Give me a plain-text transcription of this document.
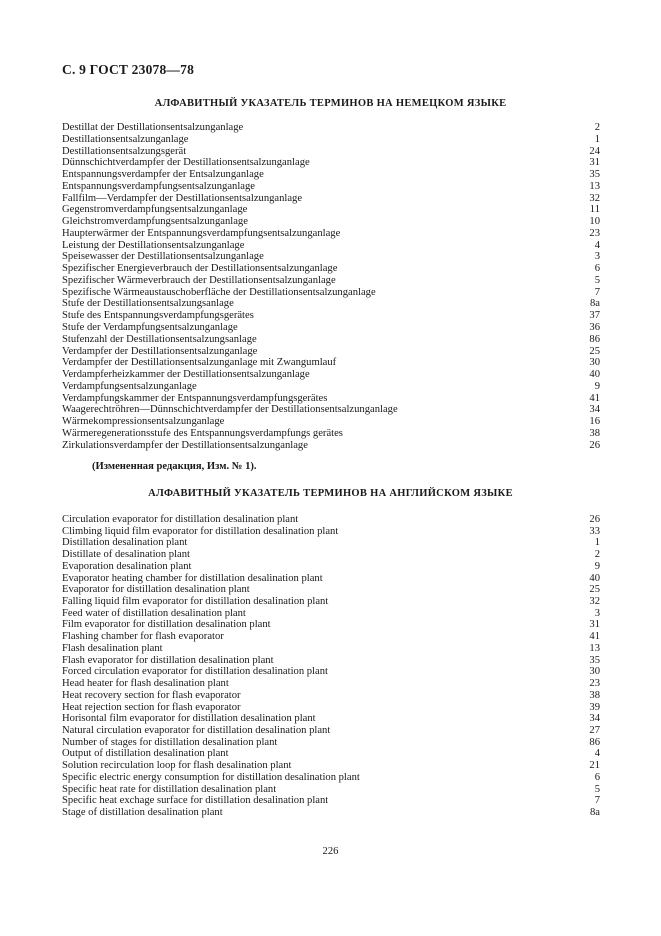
С. 9 ГОСТ 23078—78
АЛФАВИТНЫЙ УКАЗАТЕЛЬ ТЕРМИНОВ НА НЕМЕЦКОМ ЯЗЫКЕ
Destillat der Destillationsentsalzunganlage	2
Destillationsentsalzunganlage	1
Destillationsentsalzungsgerät	24
Dünnschichtverdampfer der Destillationsentsalzunganlage	31
Entspannungsverdampfer der Entsalzunganlage	35
Entspannungsverdampfungsentsalzunganlage	13
Fallfilm—Verdampfer der Destillationsentsalzunganlage	32
Gegenstromverdampfungsentsalzunganlage	11
Gleichstromverdampfungsentsalzunganlage	10
Haupterwärmer der Entspannungsverdampfungsentsalzunganlage	23
Leistung der Destillationsentsalzunganlage	4
Speisewasser der Destillationsentsalzunganlage	3
Spezifischer Energieverbrauch der Destillationsentsalzunganlage	6
Spezifischer Wärmeverbrauch der Destillationsentsalzunganlage	5
Spezifische Wärmeaustauschoberfläche der Destillationsentsalzunganlage	7
Stufe der Destillationsentsalzungsanlage	8a
Stufe des Entspannungsverdampfungsgerätes	37
Stufe der Verdampfungsentsalzunganlage	36
Stufenzahl der Destillationsentsalzungsanlage	86
Verdampfer der Destillationsentsalzunganlage	25
Verdampfer der Destillationsentsalzunganlage mit Zwangumlauf	30
Verdampferheizkammer der Destillationsentsalzunganlage	40
Verdampfungsentsalzunganlage	9
Verdampfungskammer der Entspannungsverdampfungsgerätes	41
Waagerechtröhren—Dünnschichtverdampfer der Destillationsentsalzunganlage	34
Wärmekompressionsentsalzunganlage	16
Wärmeregenerationsstufe des Entspannungsverdampfungs gerätes	38
Zirkulationsverdampfer der Destillationsentsalzunganlage	26
(Измененная редакция, Изм. № 1).
АЛФАВИТНЫЙ УКАЗАТЕЛЬ ТЕРМИНОВ НА АНГЛИЙСКОМ ЯЗЫКЕ
Circulation evaporator for distillation desalination plant	26
Climbing liquid film evaporator for distillation desalination plant	33
Distillation desalination plant	1
Distillate of desalination plant	2
Evaporation desalination plant	9
Evaporator heating chamber for distillation desalination plant	40
Evaporator for distillation desalination plant	25
Falling liquid film evaporator for distillation desalination plant	32
Feed water of distillation desalination plant	3
Film evaporator for distillation desalination plant	31
Flashing chamber for flash evaporator	41
Flash desalination plant	13
Flash evaporator for distillation desalination plant	35
Forced circulation evaporator for distillation desalination plant	30
Head heater for flash desalination plant	23
Heat recovery section for flash evaporator	38
Heat rejection section for flash evaporator	39
Horisontal film evaporator for distillation desalination plant	34
Natural circulation evaporator for distillation desalination plant	27
Number of stages for distillation desalination plant	86
Output of distillation desalination plant	4
Solution recirculation loop for flash desalination plant	21
Specific electric energy consumption for distillation desalination plant	6
Specific heat rate for distillation desalination plant	5
Specific heat exchage surface for distillation desalination plant	7
Stage of distillation desalination plant	8a
226
